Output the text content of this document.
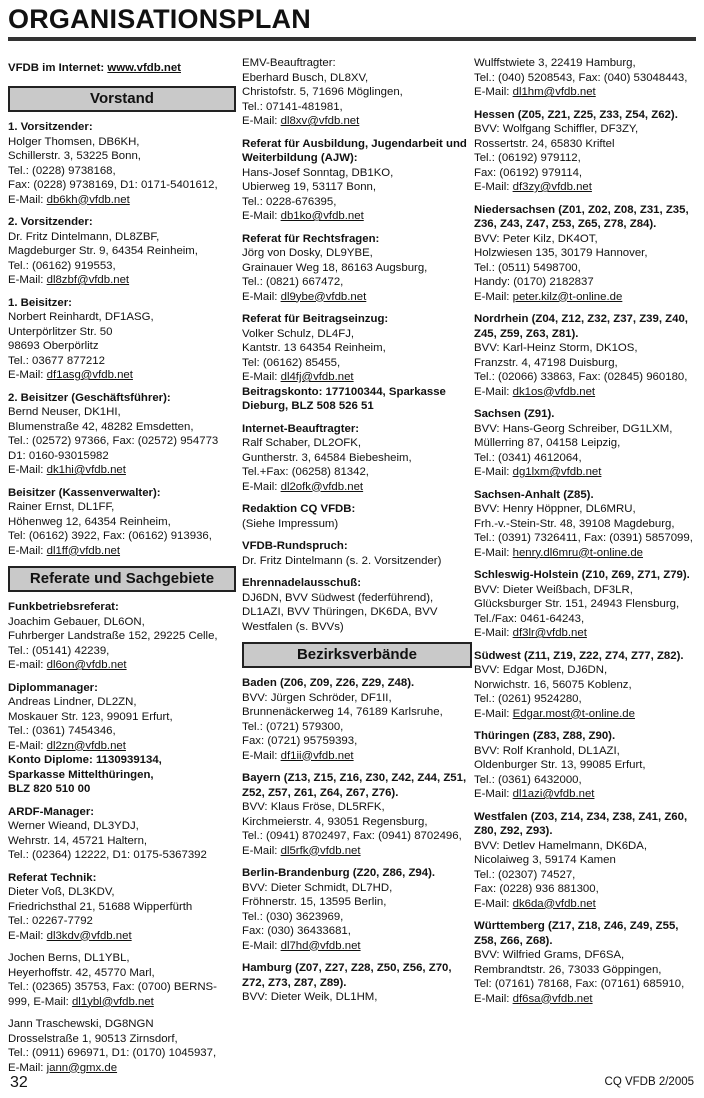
ORGANISATIONSPLAN
VFDB im Internet: www.vfdb.net
Vorstand
1. Vorsitzender:
Holger Thomsen, DB6KH,
Schillerstr. 3, 53225 Bonn,
Tel.: (0228) 9738168,
Fax: (0228) 9738169, D1: 0171-5401612,
E-Mail: db6kh@vfdb.net
2. Vorsitzender:
Dr. Fritz Dintelmann, DL8ZBF,
Magdeburger Str. 9, 64354 Reinheim,
Tel.: (06162) 919553,
E-Mail: dl8zbf@vfdb.net
1. Beisitzer:
Norbert Reinhardt, DF1ASG,
Unterpörlitzer Str. 50
98693 Oberpörlitz
Tel.: 03677 877212
E-Mail: df1asg@vfdb.net
2. Beisitzer (Geschäftsführer):
Bernd Neuser, DK1HI,
Blumenstraße 42, 48282 Emsdetten,
Tel.: (02572) 97366, Fax: (02572) 954773
D1: 0160-93015982
E-Mail: dk1hi@vfdb.net
Beisitzer (Kassenverwalter):
Rainer Ernst, DL1FF,
Höhenweg 12, 64354 Reinheim,
Tel: (06162) 3922, Fax: (06162) 913936,
E-Mail: dl1ff@vfdb.net
Referate und Sachgebiete
Funkbetriebsreferat:
Joachim Gebauer, DL6ON,
Fuhrberger Landstraße 152, 29225 Celle,
Tel.: (05141) 42239,
E-mail: dl6on@vfdb.net
Diplommanager:
Andreas Lindner, DL2ZN,
Moskauer Str. 123, 99091 Erfurt,
Tel.: (0361) 7454346,
E-Mail: dl2zn@vfdb.net
Konto Diplome: 1130939134,
Sparkasse Mittelthüringen,
BLZ 820 510 00
ARDF-Manager:
Werner Wieand, DL3YDJ,
Wehrstr. 14, 45721 Haltern,
Tel.: (02364) 12222, D1: 0175-5367392
Referat Technik:
Dieter Voß, DL3KDV,
Friedrichsthal 21, 51688 Wipperfürth
Tel.: 02267-7792
E-Mail: dl3kdv@vfdb.net
Jochen Berns, DL1YBL,
Heyerhoffstr. 42, 45770 Marl,
Tel.: (02365) 35753, Fax: (0700) BERNS-
999, E-Mail: dl1ybl@vfdb.net
Jann Traschewski, DG8NGN
Drosselstraße 1, 90513 Zirnsdorf,
Tel.: (0911) 696971, D1: (0170) 1045937,
E-Mail: jann@gmx.de
EMV-Beauftragter:
Eberhard Busch, DL8XV,
Christofstr. 5, 71696 Möglingen,
Tel.: 07141-481981,
E-Mail: dl8xv@vfdb.net
Referat für Ausbildung, Jugendarbeit und Weiterbildung (AJW):
Hans-Josef Sonntag, DB1KO,
Ubierweg 19, 53117 Bonn,
Tel.: 0228-676395,
E-Mail: db1ko@vfdb.net
Referat für Rechtsfragen:
Jörg von Dosky, DL9YBE,
Grainauer Weg 18, 86163 Augsburg,
Tel.: (0821) 667472,
E-Mail: dl9ybe@vfdb.net
Referat für Beitragseinzug:
Volker Schulz, DL4FJ,
Kantstr. 13 64354 Reinheim,
Tel: (06162) 85455,
E-Mail: dl4fj@vfdb.net
Beitragskonto: 177100344, Sparkasse Dieburg, BLZ 508 526 51
Internet-Beauftragter:
Ralf Schaber, DL2OFK,
Guntherstr. 3, 64584 Biebesheim,
Tel.+Fax: (06258) 81342,
E-Mail: dl2ofk@vfdb.net
Redaktion CQ VFDB:
(Siehe Impressum)
VFDB-Rundspruch:
Dr. Fritz Dintelmann (s. 2. Vorsitzender)
Ehrennadelausschuß:
DJ6DN, BVV Südwest (federführend),
DL1AZI, BVV Thüringen, DK6DA, BVV
Westfalen (s. BVVs)
Bezirksverbände
Baden (Z06, Z09, Z26, Z29, Z48).
BVV: Jürgen Schröder, DF1II,
Brunnenäckerweg 14, 76189 Karlsruhe,
Tel.: (0721) 579300,
Fax: (0721) 95759393,
E-Mail: df1ii@vfdb.net
Bayern (Z13, Z15, Z16, Z30, Z42, Z44, Z51, Z52, Z57, Z61, Z64, Z67, Z76).
BVV: Klaus Fröse, DL5RFK,
Kirchmeierstr. 4, 93051 Regensburg,
Tel.: (0941) 8702497, Fax: (0941) 8702496,
E-Mail: dl5rfk@vfdb.net
Berlin-Brandenburg (Z20, Z86, Z94).
BVV: Dieter Schmidt, DL7HD,
Fröhnerstr. 15, 13595 Berlin,
Tel.: (030) 3623969,
Fax: (030) 36433681,
E-Mail: dl7hd@vfdb.net
Hamburg (Z07, Z27, Z28, Z50, Z56, Z70, Z72, Z73, Z87, Z89).
BVV: Dieter Weik, DL1HM,
Wulffstwiete 3, 22419 Hamburg,
Tel.: (040) 5208543, Fax: (040) 53048443,
E-Mail: dl1hm@vfdb.net
Hessen (Z05, Z21, Z25, Z33, Z54, Z62).
BVV: Wolfgang Schiffler, DF3ZY,
Rossertstr. 24, 65830 Kriftel
Tel.: (06192) 979112,
Fax: (06192) 979114,
E-Mail: df3zy@vfdb.net
Niedersachsen (Z01, Z02, Z08, Z31, Z35, Z36, Z43, Z47, Z53, Z65, Z78, Z84).
BVV: Peter Kilz, DK4OT,
Holzwiesen 135, 30179 Hannover,
Tel.: (0511) 5498700,
Handy: (0170) 2182837
E-Mail: peter.kilz@t-online.de
Nordrhein (Z04, Z12, Z32, Z37, Z39, Z40, Z45, Z59, Z63, Z81).
BVV: Karl-Heinz Storm, DK1OS,
Franzstr. 4, 47198 Duisburg,
Tel.: (02066) 33863, Fax: (02845) 960180,
E-Mail: dk1os@vfdb.net
Sachsen (Z91).
BVV: Hans-Georg Schreiber, DG1LXM,
Müllerring 87, 04158 Leipzig,
Tel.: (0341) 4612064,
E-Mail: dg1lxm@vfdb.net
Sachsen-Anhalt (Z85).
BVV: Henry Höppner, DL6MRU,
Frh.-v.-Stein-Str. 48, 39108 Magdeburg,
Tel.: (0391) 7326411, Fax: (0391) 5857099,
E-Mail: henry.dl6mru@t-online.de
Schleswig-Holstein (Z10, Z69, Z71, Z79).
BVV: Dieter Weißbach, DF3LR,
Glücksburger Str. 151, 24943 Flensburg,
Tel./Fax: 0461-64243,
E-Mail: df3lr@vfdb.net
Südwest (Z11, Z19, Z22, Z74, Z77, Z82).
BVV: Edgar Most, DJ6DN,
Norwichstr. 16, 56075 Koblenz,
Tel.: (0261) 9524280,
E-Mail: Edgar.most@t-online.de
Thüringen (Z83, Z88, Z90).
BVV: Rolf Kranhold, DL1AZI,
Oldenburger Str. 13, 99085 Erfurt,
Tel.: (0361) 6432000,
E-Mail: dl1azi@vfdb.net
Westfalen (Z03, Z14, Z34, Z38, Z41, Z60, Z80, Z92, Z93).
BVV: Detlev Hamelmann, DK6DA,
Nicolaiweg 3, 59174 Kamen
Tel.: (02307) 74527,
Fax: (0228) 936 881300,
E-Mail: dk6da@vfdb.net
Württemberg (Z17, Z18, Z46, Z49, Z55, Z58, Z66, Z68).
BVV: Wilfried Grams, DF6SA,
Rembrandtstr. 26, 73033 Göppingen,
Tel: (07161) 78168, Fax: (07161) 685910,
E-Mail: df6sa@vfdb.net
32	CQ VFDB 2/2005
